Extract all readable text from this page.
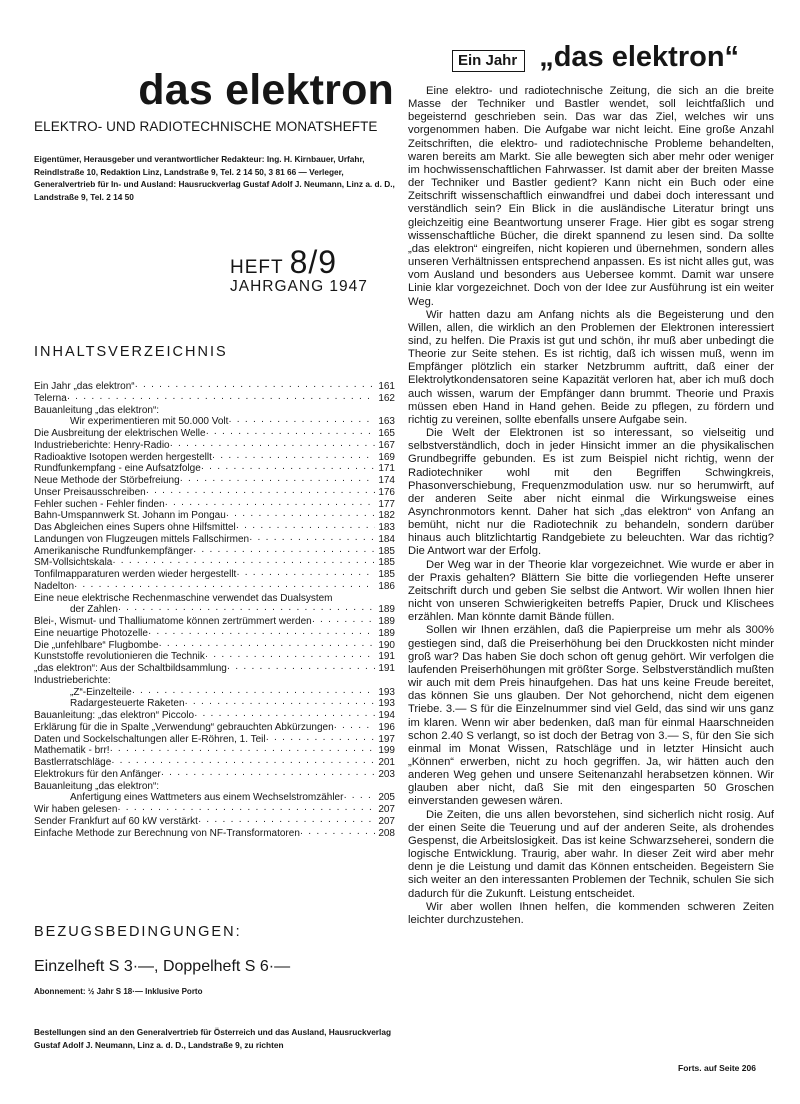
das elektron
ELEKTRO- UND RADIOTECHNISCHE MONATSHEFTE
Eigentümer, Herausgeber und verantwortlicher Redakteur: Ing. H. Kirnbauer, Urfahr, Reindlstraße 10, Redaktion Linz, Landstraße 9, Tel. 2 14 50, 3 81 66 — Verleger, Generalvertrieb für In- und Ausland: Hausruckverlag Gustaf Adolf J. Neumann, Linz a. d. D., Landstraße 9, Tel. 2 14 50
HEFT 8/9
JAHRGANG 1947
INHALTSVERZEICHNIS
Ein Jahr „das elektron“ · · ·	161
Telerna · · ·	162
Bauanleitung „das elektron“:
Wir experimentieren mit 50.000 Volt · · ·	163
Die Ausbreitung der elektrischen Welle · · ·	165
Industrieberichte: Henry-Radio · · ·	167
Radioaktive Isotopen werden hergestellt · · ·	169
Rundfunkempfang - eine Aufsatzfolge · · ·	171
Neue Methode der Störbefreiung · · ·	174
Unser Preisausschreiben · · ·	176
Fehler suchen - Fehler finden · · ·	177
Bahn-Umspannwerk St. Johann im Pongau · · ·	182
Das Abgleichen eines Supers ohne Hilfsmittel · · ·	183
Landungen von Flugzeugen mittels Fallschirmen · · ·	184
Amerikanische Rundfunkempfänger · · ·	185
SM-Vollsichtskala · · ·	185
Tonfilmapparaturen werden wieder hergestellt · · ·	185
Nadelton · · ·	186
Eine neue elektrische Rechenmaschine verwendet das Dualsystem
der Zahlen · · ·	189
Blei-, Wismut- und Thalliumatome können zertrümmert werden · · ·	189
Eine neuartige Photozelle · · ·	189
Die „unfehlbare“ Flugbombe · · ·	190
Kunststoffe revolutionieren die Technik · · ·	191
„das elektron“: Aus der Schaltbildsammlung · · ·	191
Industrieberichte:
„Z“-Einzelteile · · ·	193
Radargesteuerte Raketen · · ·	193
Bauanleitung: „das elektron“ Piccolo · · ·	194
Erklärung für die in Spalte „Verwendung“ gebrauchten Abkürzungen · · ·	196
Daten und Sockelschaltungen aller E-Röhren, 1. Teil · · ·	197
Mathematik - brr! · · ·	199
Bastlerratschläge · · ·	201
Elektrokurs für den Anfänger · · ·	203
Bauanleitung „das elektron“:
Anfertigung eines Wattmeters aus einem Wechselstromzähler · · ·	205
Wir haben gelesen · · ·	207
Sender Frankfurt auf 60 kW verstärkt · · ·	207
Einfache Methode zur Berechnung von NF-Transformatoren · · ·	208
BEZUGSBEDINGUNGEN:
Einzelheft S 3·—, Doppelheft S 6·—
Abonnement: ½ Jahr S 18·— Inklusive Porto
Bestellungen sind an den Generalvertrieb für Österreich und das Ausland, Hausruckverlag Gustaf Adolf J. Neumann, Linz a. d. D., Landstraße 9, zu richten
Ein Jahr „das elektron“

Eine elektro- und radiotechnische Zeitung, die sich an die breite Masse der Techniker und Bastler wendet, soll leichtfaßlich und begeisternd geschrieben sein. Das war das Ziel, welches wir uns vorgenommen haben. Die Aufgabe war nicht leicht. Eine große Anzahl Zeitschriften, die elektro- und radiotechnische Probleme behandelten, waren bereits am Markt. Sie alle bewegten sich aber mehr oder weniger im hochwissenschaftlichen Fahrwasser. Ist damit aber der breiten Masse der Techniker und Bastler gedient? Kann nicht ein Buch oder eine Zeitschrift wissenschaftlich einwandfrei und dabei doch interessant und verständlich sein? Ein Blick in die ausländische Literatur bringt uns gleichzeitig eine Beantwortung unserer Frage. Hier gibt es sogar streng wissenschaftliche Bücher, die direkt spannend zu lesen sind. Da sollte „das elektron“ eingreifen, nicht kopieren und übernehmen, sondern alles unseren Verhältnissen entsprechend anpassen. Es ist nicht alles gut, was vom Ausland und besonders aus Uebersee kommt. Damit war unsere Linie klar vorgezeichnet. Doch von der Idee zur Ausführung ist ein weiter Weg.

Wir hatten dazu am Anfang nichts als die Begeisterung und den Willen, allen, die wirklich an den Problemen der Elektronen interessiert sind, zu helfen. Die Praxis ist gut und schön, ihr muß aber unbedingt die Theorie zur Seite stehen. Es ist richtig, daß ich wissen muß, wenn im Empfänger plötzlich ein starker Netzbrumm auftritt, daß einer der Elektrolytkondensatoren seine Kapazität verloren hat, aber ich muß doch auch wissen, warum der Empfänger dann brummt. Theorie und Praxis müssen eben Hand in Hand gehen. Beide zu pflegen, zu fördern und richtig zu vereinen, sollte ebenfalls unsere Aufgabe sein.

Die Welt der Elektronen ist so interessant, so vielseitig und selbstverständlich, doch in jeder Hinsicht immer an die physikalischen Grundbegriffe gebunden. Es ist zum Beispiel nicht richtig, wenn der Radiotechniker wohl mit den Begriffen Schwingkreis, Phasonverschiebung, Frequenzmodulation usw. nur so herumwirft, auf der anderen Seite aber nicht einmal die Wirkungsweise eines Asynchronmotors kennt. Daher hat sich „das elektron“ von Anfang an bemüht, nicht nur die Radiotechnik zu behandeln, sondern darüber hinaus auch blitzlichtartig Randgebiete zu beleuchten. War das richtig? Die Antwort war der Erfolg.

Der Weg war in der Theorie klar vorgezeichnet. Wie wurde er aber in der Praxis gehalten? Blättern Sie bitte die vorliegenden Hefte unserer Zeitschrift durch und geben Sie selbst die Antwort. Wir wollen Ihnen hier nicht von unseren Schwierigkeiten betreffs Papier, Druck und Klischees erzählen. Man könnte damit Bände füllen.

Sollen wir Ihnen erzählen, daß die Papierpreise um mehr als 300% gestiegen sind, daß die Preiserhöhung bei den Druckkosten nicht minder groß war? Das haben Sie doch schon oft genug gehört. Wir verfolgen die laufenden Preiserhöhungen mit größter Sorge. Selbstverständlich mußten wir auch mit dem Preis hinaufgehen. Das hat uns keine Freude bereitet, das können Sie uns glauben. Der Not gehorchend, nicht dem eigenen Triebe. 3.— S für die Einzelnummer sind viel Geld, das sind wir uns ganz im klaren. Wenn wir aber bedenken, daß man für einmal Haarschneiden schon 2.40 S verlangt, so ist doch der Betrag von 3.— S, für den Sie sich einmal im Monat Wissen, Ratschläge und in letzter Hinsicht auch „Können“ erwerben, nicht zu hoch gegriffen. Ja, wir hätten auch den anderen Weg gehen und unsere Seitenanzahl herabsetzen können. Wir glauben aber nicht, daß Sie mit den eingesparten 50 Groschen einverstanden gewesen wären.

Die Zeiten, die uns allen bevorstehen, sind sicherlich nicht rosig. Auf der einen Seite die Teuerung und auf der anderen Seite, als drohendes Gespenst, die Arbeitslosigkeit. Das ist keine Schwarzseherei, sondern die logische Entwicklung. Traurig, aber wahr. In dieser Zeit wird aber mehr denn je die Leistung und damit das Können entscheiden. Begeistern Sie sich weiter an den interessanten Problemen der Technik, schulen Sie sich dadurch für die Zukunft. Leistung entscheidet.

Wir aber wollen Ihnen helfen, die kommenden schweren Zeiten leichter durchzustehen.

Forts. auf Seite 206
